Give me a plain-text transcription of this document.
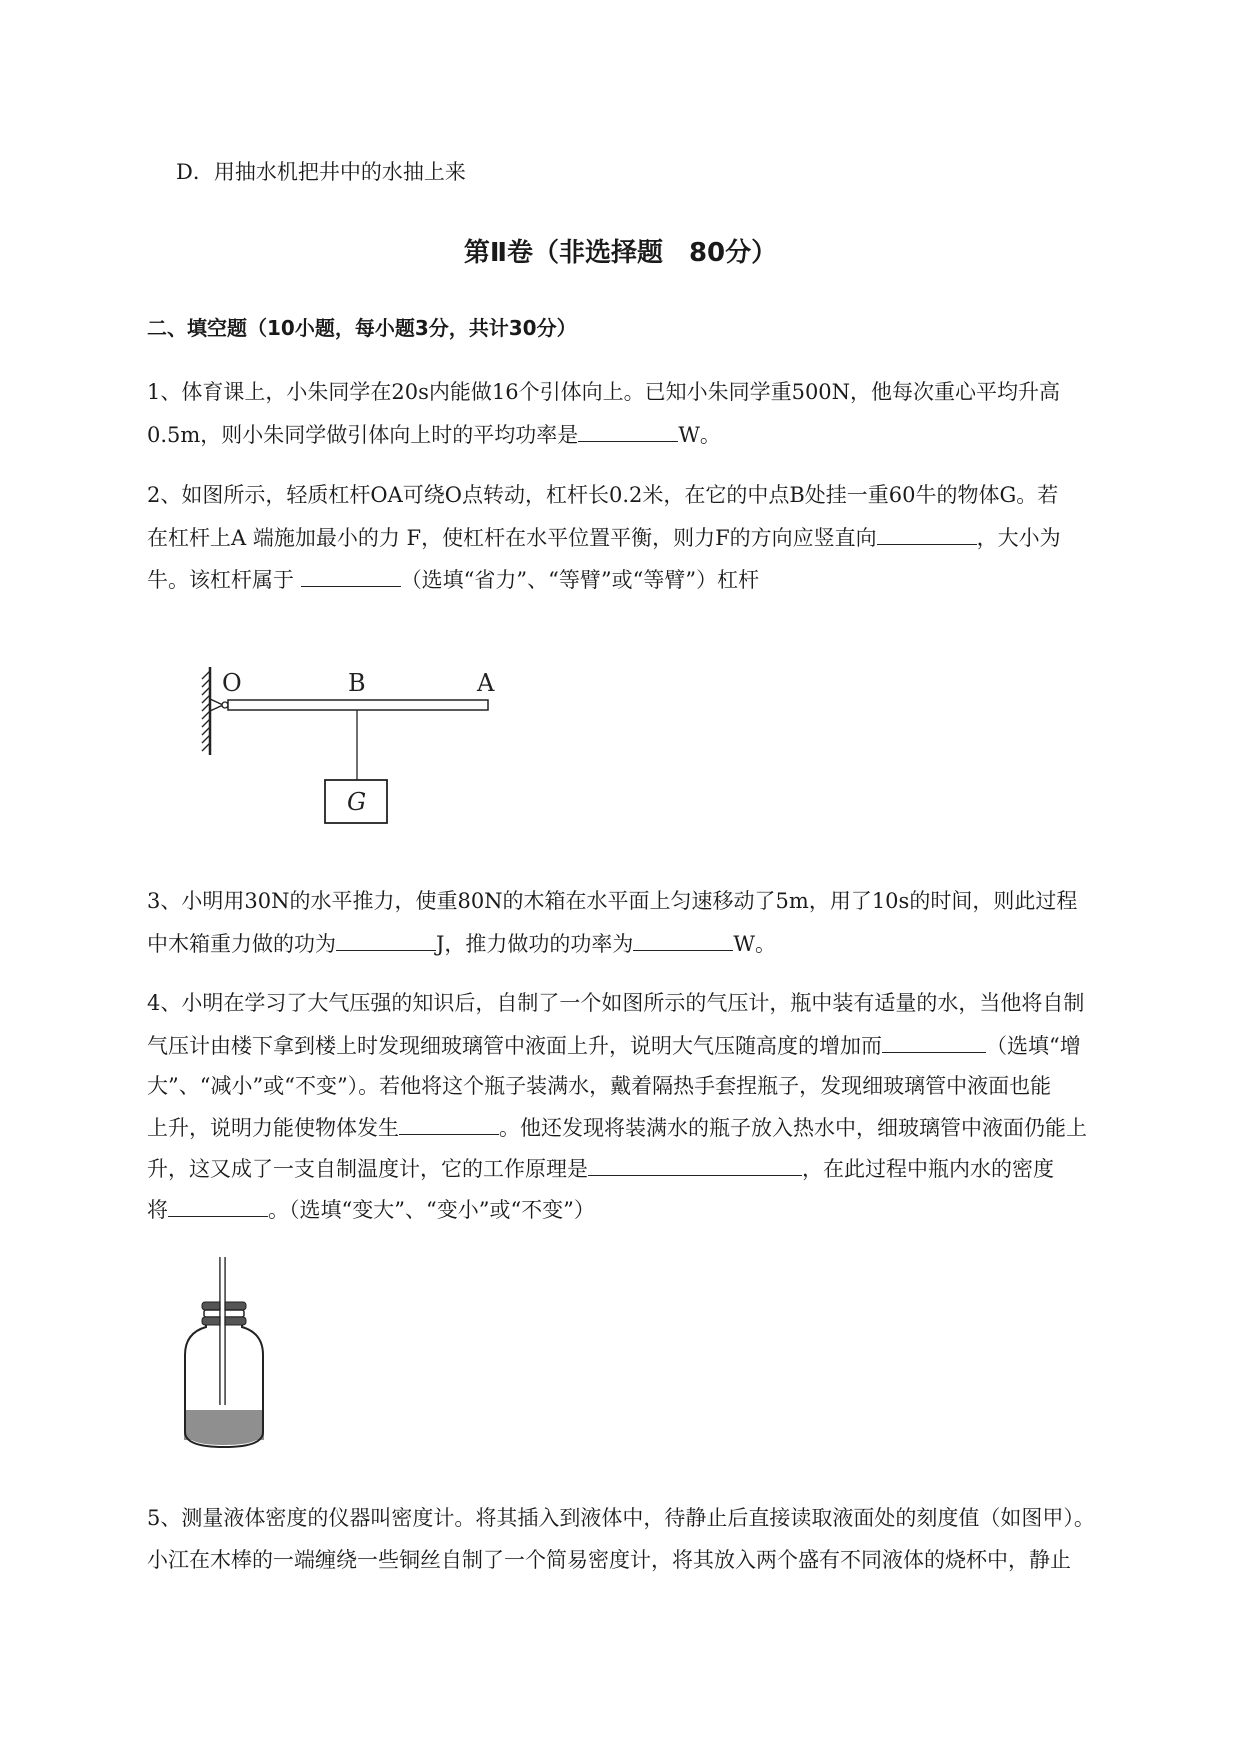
D．用抽水机把井中的水抽上来
第Ⅱ卷（非选择题　80分）
二、填空题（10小题，每小题3分，共计30分）
1、体育课上，小朱同学在20s内能做16个引体向上。已知小朱同学重500N，他每次重心平均升高
0.5m，则小朱同学做引体向上时的平均功率是	W。
2、如图所示，轻质杠杆OA可绕O点转动，杠杆长0.2米，在它的中点B处挂一重60牛的物体G。若
在杠杆上A 端施加最小的力 F，使杠杆在水平位置平衡，则力F的方向应竖直向	，大小为
牛。该杠杆属于	（选填“省力”、“等臂”或“等臂”）杠杆
O	B	A
G
3、小明用30N的水平推力，使重80N的木箱在水平面上匀速移动了5m，用了10s的时间，则此过程
中木箱重力做的功为	J，推力做功的功率为	W。
4、小明在学习了大气压强的知识后，自制了一个如图所示的气压计，瓶中装有适量的水，当他将自制
气压计由楼下拿到楼上时发现细玻璃管中液面上升，说明大气压随高度的增加而	（选填“增
大”、“减小”或“不变”）。若他将这个瓶子装满水，戴着隔热手套捏瓶子，发现细玻璃管中液面也能
上升，说明力能使物体发生	。他还发现将装满水的瓶子放入热水中，细玻璃管中液面仍能上
升，这又成了一支自制温度计，它的工作原理是	，在此过程中瓶内水的密度
将	。（选填“变大”、“变小”或“不变”）
5、测量液体密度的仪器叫密度计。将其插入到液体中，待静止后直接读取液面处的刻度值（如图甲）。
小江在木棒的一端缠绕一些铜丝自制了一个简易密度计，将其放入两个盛有不同液体的烧杯中，静止
